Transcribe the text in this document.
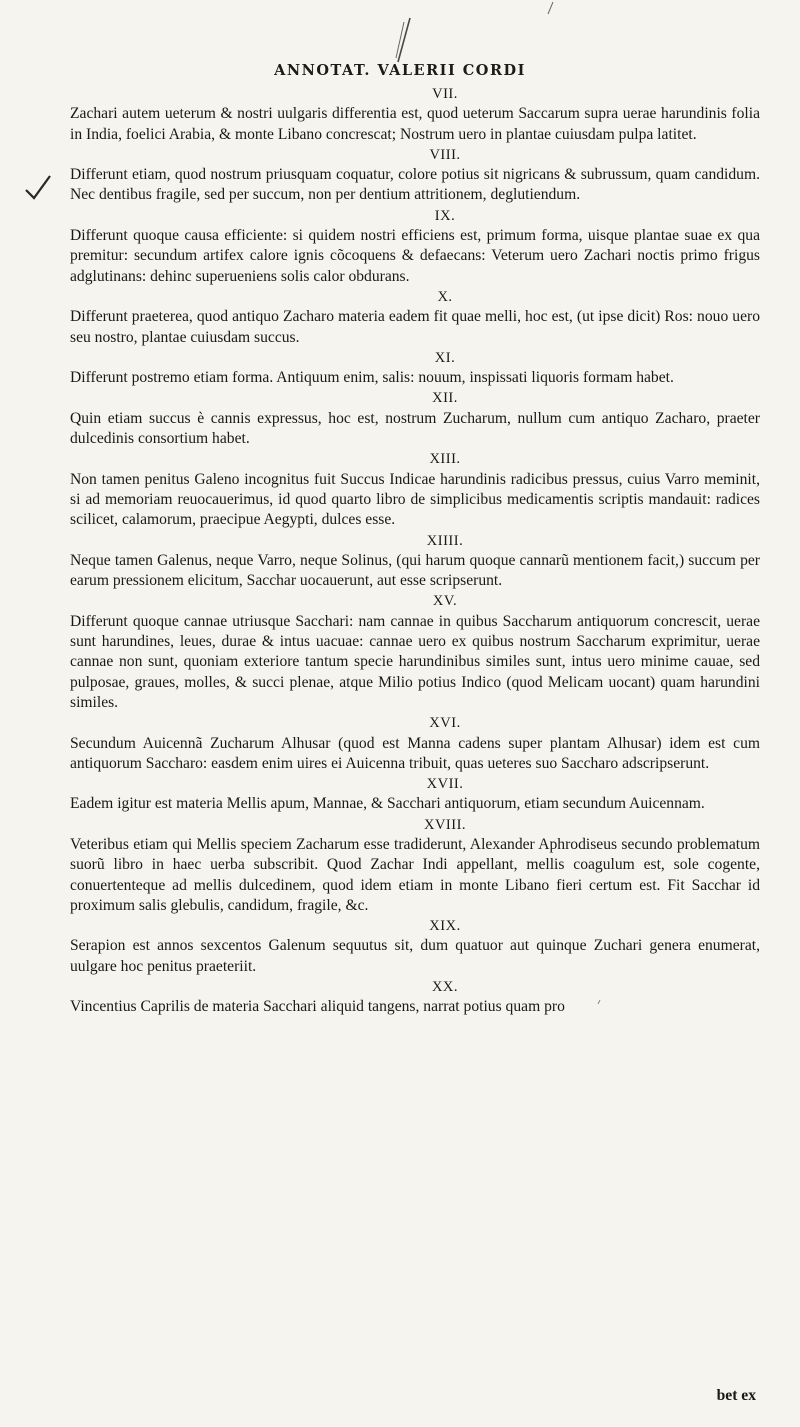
ANNOTAT. VALERII CORDI

VII.

Zachari autem ueterum & nostri uulgaris differentia est, quod ueterum Saccarum supra uerae harundinis folia in India, foelici Arabia, & monte Libano concrescat; Nostrum uero in plantae cuiusdam pulpa latitet.

VIII.

Differunt etiam, quod nostrum priusquam coquatur, colore potius sit nigricans & subrussum, quam candidum. Nec dentibus fragile, sed per succum, non per dentium attritionem, deglutiendum.

IX.

Differunt quoque causa efficiente: si quidem nostri efficiens est, primum forma, uisque plantae suae ex qua premitur: secundum artifex calore ignis cõcoquens & defaecans: Veterum uero Zachari noctis primo frigus adglutinans: dehinc superueniens solis calor obdurans.

X.

Differunt praeterea, quod antiquo Zacharo materia eadem fit quae melli, hoc est, (ut ipse dicit) Ros: nouo uero seu nostro, plantae cuiusdam succus.

XI.

Differunt postremo etiam forma. Antiquum enim, salis: nouum, inspissati liquoris formam habet.

XII.

Quin etiam succus è cannis expressus, hoc est, nostrum Zucharum, nullum cum antiquo Zacharo, praeter dulcedinis consortium habet.

XIII.

Non tamen penitus Galeno incognitus fuit Succus Indicae harundinis radicibus pressus, cuius Varro meminit, si ad memoriam reuocauerimus, id quod quarto libro de simplicibus medicamentis scriptis mandauit: radices scilicet, calamorum, praecipue Aegypti, dulces esse.

XIIII.

Neque tamen Galenus, neque Varro, neque Solinus, (qui harum quoque cannarũ mentionem facit,) succum per earum pressionem elicitum, Sacchar uocauerunt, aut esse scripserunt.

XV.

Differunt quoque cannae utriusque Sacchari: nam cannae in quibus Saccharum antiquorum concrescit, uerae sunt harundines, leues, durae & intus uacuae: cannae uero ex quibus nostrum Saccharum exprimitur, uerae cannae non sunt, quoniam exteriore tantum specie harundinibus similes sunt, intus uero minime cauae, sed pulposae, graues, molles, & succi plenae, atque Milio potius Indico (quod Melicam uocant) quam harundini similes.

XVI.

Secundum Auicennã Zucharum Alhusar (quod est Manna cadens super plantam Alhusar) idem est cum antiquorum Saccharo: easdem enim uires ei Auicenna tribuit, quas ueteres suo Saccharo adscripserunt.

XVII.

Eadem igitur est materia Mellis apum, Mannae, & Sacchari antiquorum, etiam secundum Auicennam.

XVIII.

Veteribus etiam qui Mellis speciem Zacharum esse tradiderunt, Alexander Aphrodiseus secundo problematum suorũ libro in haec uerba subscribit. Quod Zachar Indi appellant, mellis coagulum est, sole cogente, conuertenteque ad mellis dulcedinem, quod idem etiam in monte Libano fieri certum est. Fit Sacchar id proximum salis glebulis, candidum, fragile, &c.

XIX.

Serapion est annos sexcentos Galenum sequutus sit, dum quatuor aut quinque Zuchari genera enumerat, uulgare hoc penitus praeteriit.

XX.

Vincentius Caprilis de materia Sacchari aliquid tangens, narrat potius quam pro

bet ex
